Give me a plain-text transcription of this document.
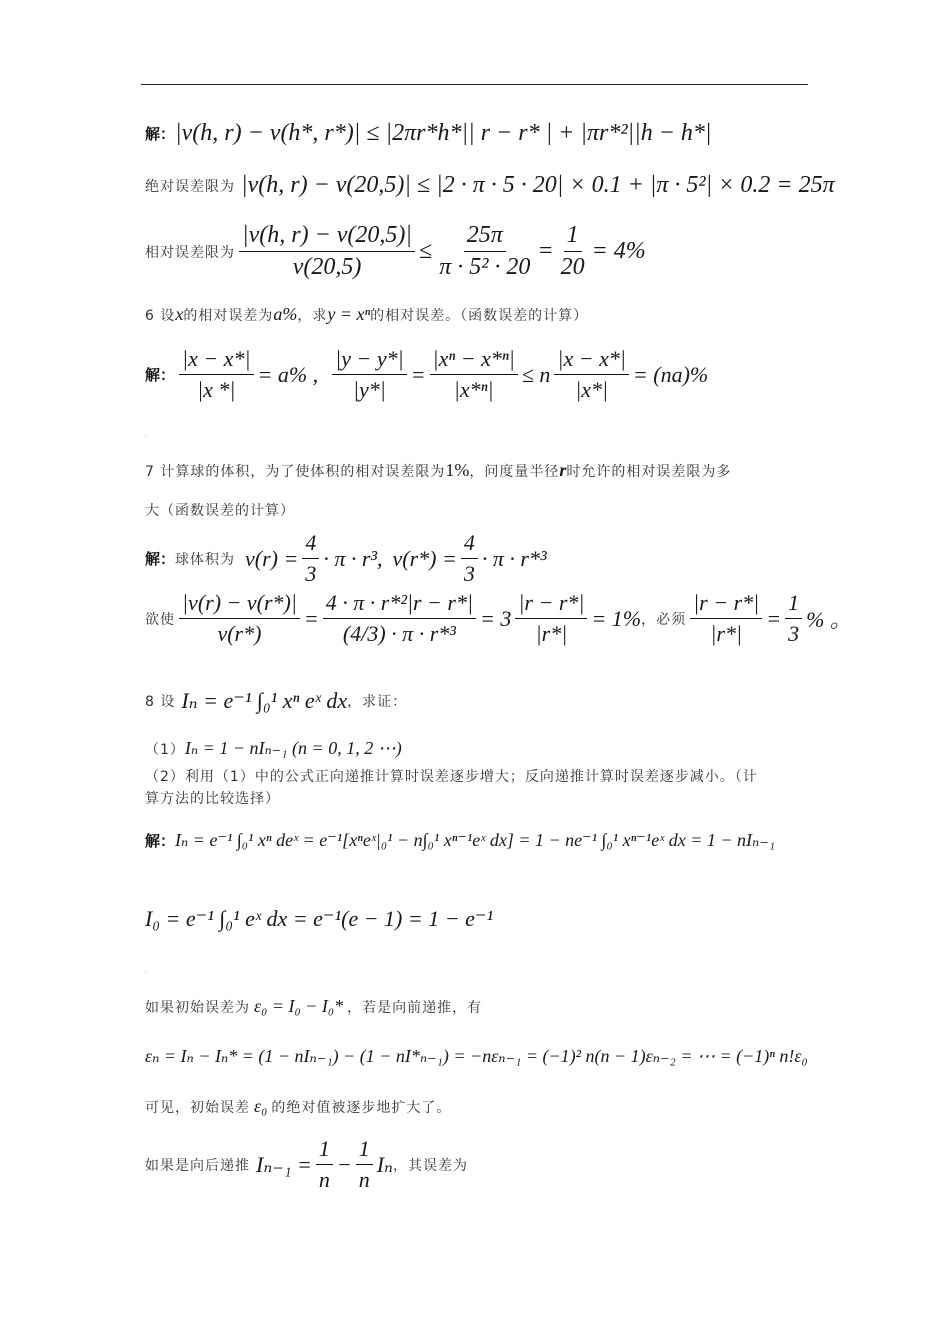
解： |v(h, r) − v(h*, r*)| ≤ |2πr*h*|| r − r* | + |πr*²||h − h*|
绝对误差限为 |v(h, r) − v(20,5)| ≤ |2 · π · 5 · 20| × 0.1 + |π · 5²| × 0.2 = 25π
相对误差限为 $\frac{|v(h, r) - v(20,5)|}{v(20,5)} \le \frac{25\pi}{\text{π · 5² · 20}} = \frac{1}{20} = 4\%$
6 设 x 的相对误差为 a% ，求 y = xⁿ 的相对误差。（函数误差的计算）
解： $\frac{|x - x*|}{|x *|} = a\%$ , $\frac{|y - y*|}{|y*|} = \frac{\text{|xⁿ − x*ⁿ|}}{\text{|x*ⁿ|}} \le n \frac{|x - x*|}{|x*|} = (na)\%$
.
7 计算球的体积，为了使体积的相对误差限为 1% ，问度量半径 r 时允许的相对误差限为多
大（函数误差的计算）
解： 球体积为 $v(r) = \frac{4}{3} \cdot \pi \cdot r^3$, $v(r*) = \frac{4}{3} \cdot \pi \cdot r*^3$
欲使 $\frac{|v(r) - v(r*)|}{v(r*)} = \frac{\text{4 · π · r*²|r − r*|}}{\text{(4/3) · π · r*³}} = 3 \frac{|r - r*|}{|r*|} = 1\%$ ，必须 $\frac{|r - r*|}{|r*|} = \frac{1}{3}$ % 。
8 设 Iₙ = e⁻¹ ∫₀¹ xⁿ eˣ dx ，求证：
（1） Iₙ = 1 − nIₙ₋₁ (n = 0, 1, 2 ⋯)
（2）利用（1）中的公式正向递推计算时误差逐步增大；反向递推计算时误差逐步减小。（计
算方法的比较选择）
解： Iₙ = e⁻¹ ∫₀¹ xⁿ deˣ = e⁻¹[xⁿeˣ|₀¹ − n∫₀¹ xⁿ⁻¹eˣ dx] = 1 − ne⁻¹ ∫₀¹ xⁿ⁻¹eˣ dx = 1 − nIₙ₋₁
I₀ = e⁻¹ ∫₀¹ eˣ dx = e⁻¹(e − 1) = 1 − e⁻¹
.
如果初始误差为 ε₀ = I₀ − I₀* ，若是向前递推，有
εₙ = Iₙ − Iₙ* = (1 − nIₙ₋₁) − (1 − nI*ₙ₋₁) = −nεₙ₋₁ = (−1)² n(n − 1)εₙ₋₂ = ⋯ = (−1)ⁿ n!ε₀
可见，初始误差 ε₀ 的绝对值被逐步地扩大了。
如果是向后递推 $I_{n-1} = \frac{1}{n} - \frac{1}{n}$ Iₙ ，其误差为
